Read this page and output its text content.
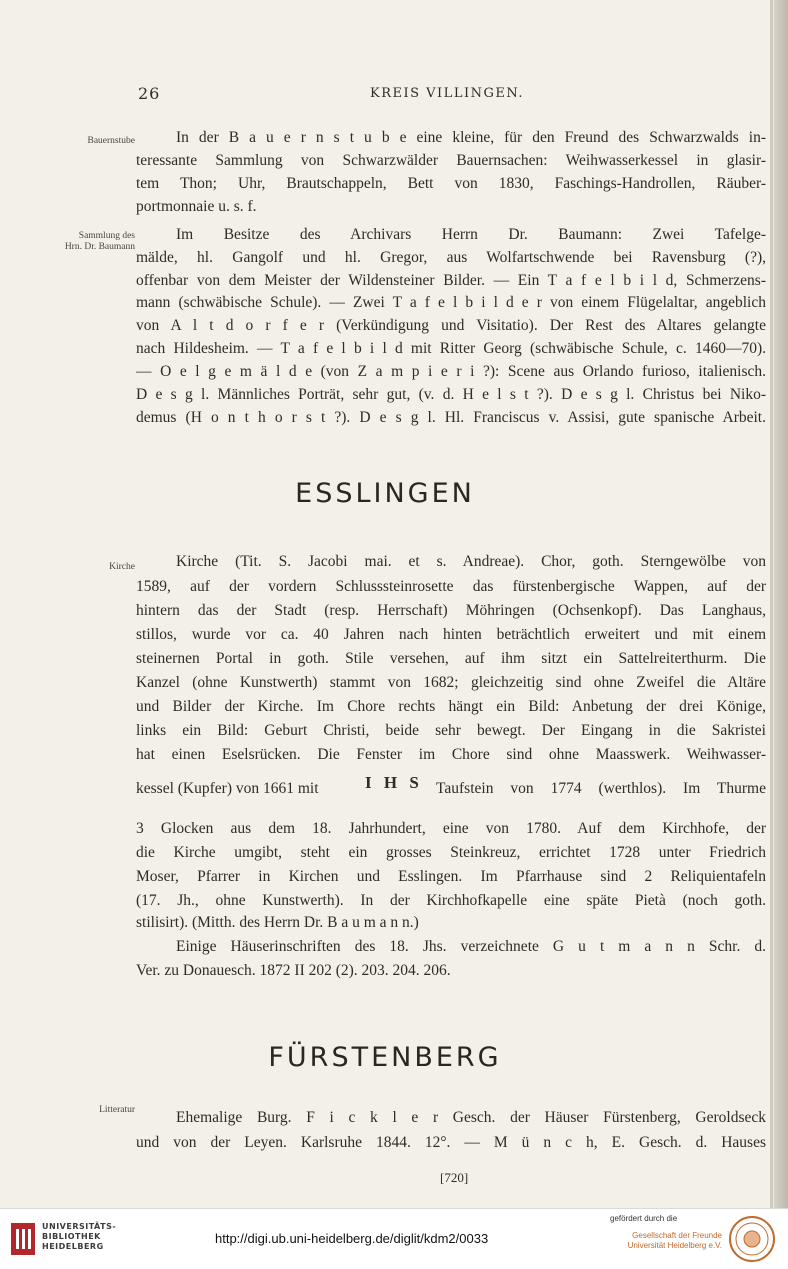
26	KREIS VILLINGEN.
Bauernstube
Sammlung des
Hrn. Dr. Baumann
Kirche
Litteratur
In der B a u e r n s t u b e eine kleine, für den Freund des Schwarzwalds in-
teressante Sammlung von Schwarzwälder Bauernsachen: Weihwasserkessel in glasir-
tem Thon; Uhr, Brautschappeln, Bett von 1830, Faschings-Handrollen, Räuber-
portmonnaie u. s. f.
Im Besitze des Archivars Herrn Dr. Baumann: Zwei Tafelge-
mälde, hl. Gangolf und hl. Gregor, aus Wolfartschwende bei Ravensburg (?),
offenbar von dem Meister der Wildensteiner Bilder. — Ein T a f e l b i l d, Schmerzens-
mann (schwäbische Schule). — Zwei T a f e l b i l d e r von einem Flügelaltar, angeblich
von A l t d o r f e r (Verkündigung und Visitatio). Der Rest des Altares gelangte
nach Hildesheim. — T a f e l b i l d mit Ritter Georg (schwäbische Schule, c. 1460—70).
— O e l g e m ä l d e (von Z a m p i e r i ?): Scene aus Orlando furioso, italienisch.
D e s g l. Männliches Porträt, sehr gut, (v. d. H e l s t ?). D e s g l. Christus bei Niko-
demus (H o n t h o r s t ?). D e s g l. Hl. Franciscus v. Assisi, gute spanische Arbeit.
ESSLINGEN
Kirche (Tit. S. Jacobi mai. et s. Andreae). Chor, goth. Sterngewölbe von
1589, auf der vordern Schlusssteinrosette das fürstenbergische Wappen, auf der
hintern das der Stadt (resp. Herrschaft) Möhringen (Ochsenkopf). Das Langhaus,
stillos, wurde vor ca. 40 Jahren nach hinten beträchtlich erweitert und mit einem
steinernen Portal in goth. Stile versehen, auf ihm sitzt ein Sattelreiterthurm. Die
Kanzel (ohne Kunstwerth) stammt von 1682; gleichzeitig sind ohne Zweifel die Altäre
und Bilder der Kirche. Im Chore rechts hängt ein Bild: Anbetung der drei Könige,
links ein Bild: Geburt Christi, beide sehr bewegt. Der Eingang in die Sakristei
hat einen Eselsrücken. Die Fenster im Chore sind ohne Maasswerk. Weihwasser-
kessel (Kupfer) von 1661 mit	I H S Taufstein von 1774 (werthlos). Im Thurme
3 Glocken aus dem 18. Jahrhundert, eine von 1780. Auf dem Kirchhofe, der
die Kirche umgibt, steht ein grosses Steinkreuz, errichtet 1728 unter Friedrich
Moser, Pfarrer in Kirchen und Esslingen. Im Pfarrhause sind 2 Reliquientafeln
(17. Jh., ohne Kunstwerth). In der Kirchhofkapelle eine späte Pietà (noch goth.
stilisirt). (Mitth. des Herrn Dr. B a u m a n n.)
Einige Häuserinschriften des 18. Jhs. verzeichnete G u t m a n n Schr. d.
Ver. zu Donauesch. 1872 II 202 (2). 203. 204. 206.
FÜRSTENBERG
Ehemalige Burg. F i c k l e r Gesch. der Häuser Fürstenberg, Geroldseck
und von der Leyen. Karlsruhe 1844. 12°. — M ü n c h, E. Gesch. d. Hauses
[720]
UNIVERSITÄTS-
BIBLIOTHEK
HEIDELBERG
http://digi.ub.uni-heidelberg.de/diglit/kdm2/0033
gefördert durch die
Gesellschaft der Freunde
Universität Heidelberg e.V.
